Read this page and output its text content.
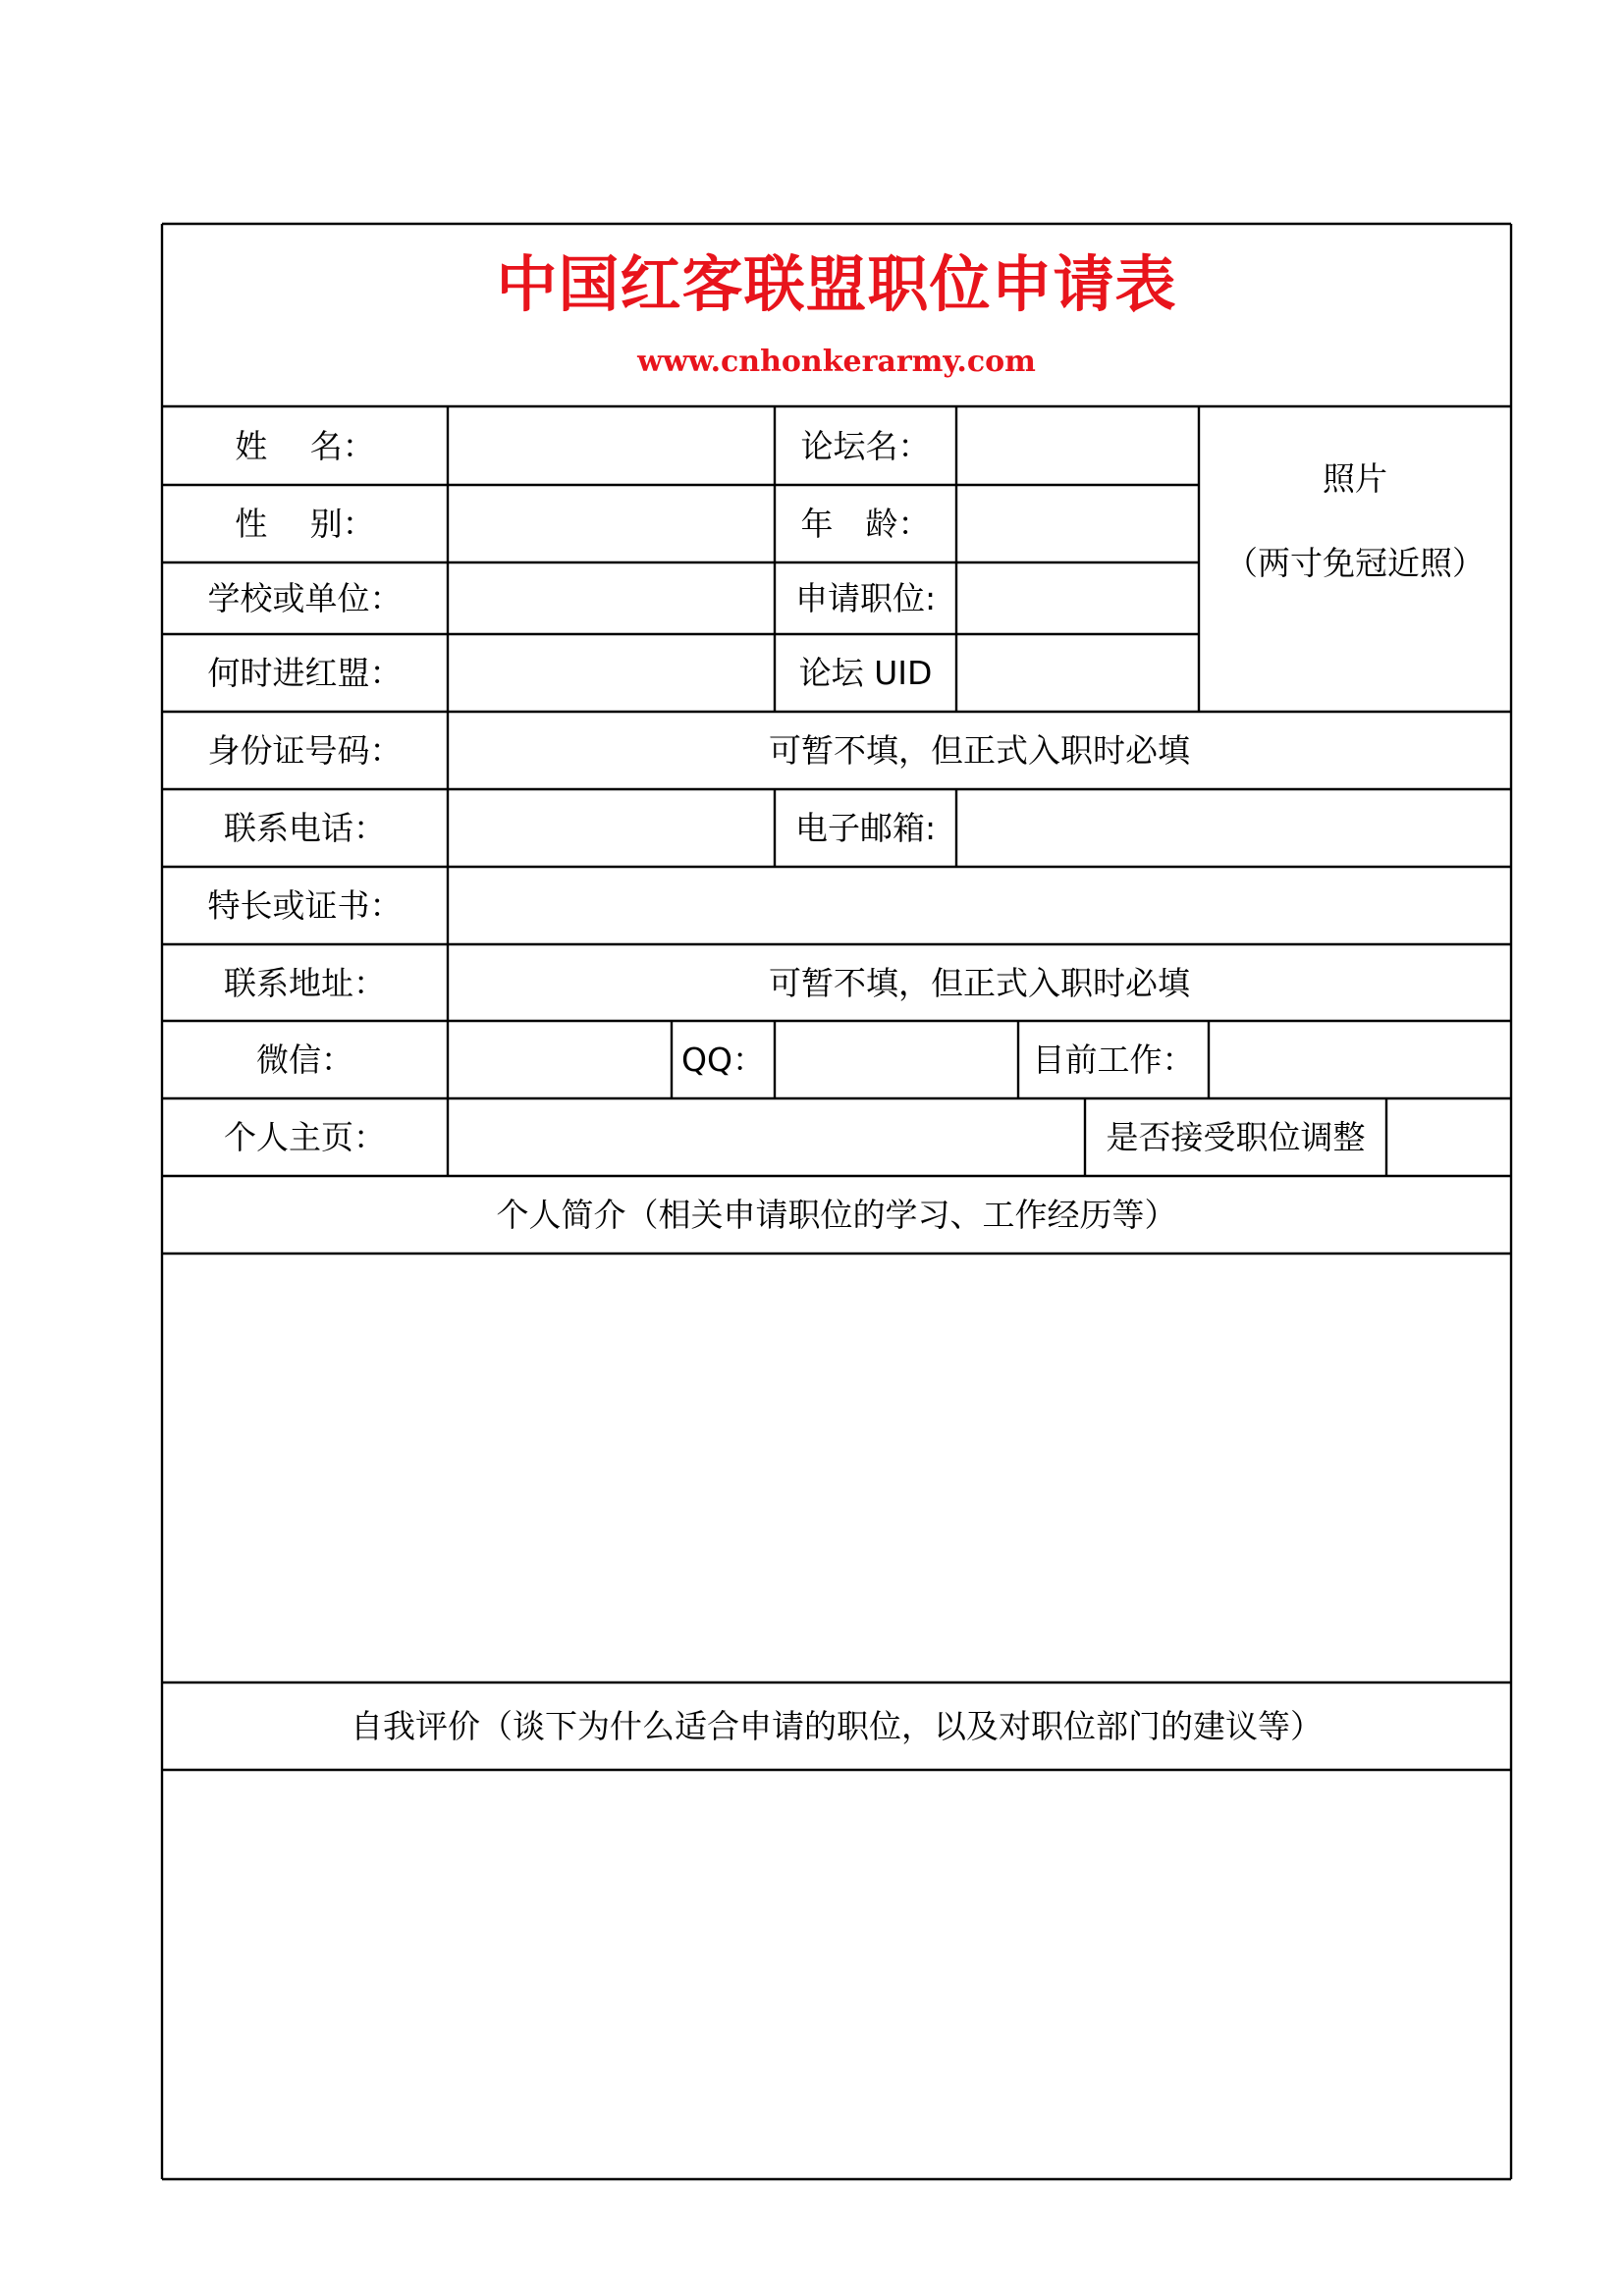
中国红客联盟职位申请表
www.cnhonkerarmy.com
姓　 名：	论坛名：
照片
（两寸免冠近照）
性　 别：	年　龄：
学校或单位：	申请职位:
何时进红盟：	论坛 UID
身份证号码：	可暂不填，但正式入职时必填
联系电话：	电子邮箱:
特长或证书：
联系地址：	可暂不填，但正式入职时必填
微信：	QQ：	目前工作：
个人主页：	是否接受职位调整
个人简介（相关申请职位的学习、工作经历等）
自我评价（谈下为什么适合申请的职位，以及对职位部门的建议等）
